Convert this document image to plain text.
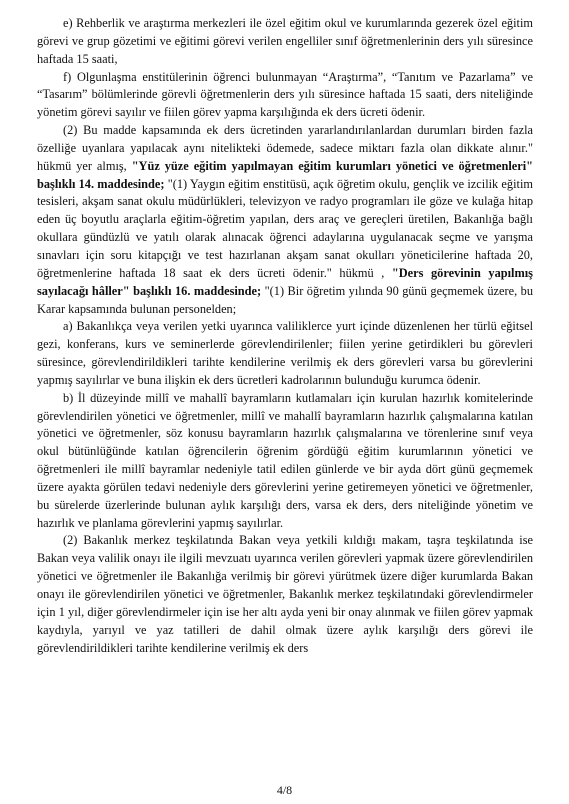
e) Rehberlik ve araştırma merkezleri ile özel eğitim okul ve kurumlarında gezerek özel eğitim görevi ve grup gözetimi ve eğitimi görevi verilen engelliler sınıf öğretmenlerinin ders yılı süresince haftada 15 saati,

f) Olgunlaşma enstitülerinin öğrenci bulunmayan “Araştırma”, “Tanıtım ve Pazarlama” ve “Tasarım” bölümlerinde görevli öğretmenlerin ders yılı süresince haftada 15 saati, ders niteliğinde yönetim görevi sayılır ve fiilen görev yapma karşılığında ek ders ücreti ödenir.

(2) Bu madde kapsamında ek ders ücretinden yararlandırılanlardan durumları birden fazla özelliğe uyanlara yapılacak aynı nitelikteki ödemede, sadece miktarı fazla olan dikkate alınır." hükmü yer almış, "Yüz yüze eğitim yapılmayan eğitim kurumları yönetici ve öğretmenleri" başlıklı 14. maddesinde; "(1) Yaygın eğitim enstitüsü, açık öğretim okulu, gençlik ve izcilik eğitim tesisleri, akşam sanat okulu müdürlükleri, televizyon ve radyo programları ile göze ve kulağa hitap eden üç boyutlu araçlarla eğitim-öğretim yapılan, ders araç ve gereçleri üretilen, Bakanlığa bağlı okullara gündüzlü ve yatılı olarak alınacak öğrenci adaylarına uygulanacak seçme ve yarışma sınavları için soru kitapçığı ve test hazırlanan akşam sanat okulları yöneticilerine haftada 20, öğretmenlerine haftada 18 saat ek ders ücreti ödenir." hükmü , "Ders görevinin yapılmış sayılacağı hâller" başlıklı 16. maddesinde; "(1) Bir öğretim yılında 90 günü geçmemek üzere, bu Karar kapsamında bulunan personelden;

a) Bakanlıkça veya verilen yetki uyarınca valiliklerce yurt içinde düzenlenen her türlü eğitsel gezi, konferans, kurs ve seminerlerde görevlendirilenler; fiilen yerine getirdikleri bu görevleri süresince, görevlendirildikleri tarihte kendilerine verilmiş ek ders görevleri varsa bu görevlerini yapmış sayılırlar ve buna ilişkin ek ders ücretleri kadrolarının bulunduğu kurumca ödenir.

b) İl düzeyinde millî ve mahallî bayramların kutlamaları için kurulan hazırlık komitelerinde görevlendirilen yönetici ve öğretmenler, millî ve mahallî bayramların hazırlık çalışmalarına katılan yönetici ve öğretmenler, söz konusu bayramların hazırlık çalışmalarına ve törenlerine sınıf veya okul bütünlüğünde katılan öğrencilerin öğrenim gördüğü eğitim kurumlarının yönetici ve öğretmenleri ile millî bayramlar nedeniyle tatil edilen günlerde ve bir ayda dört günü geçmemek üzere ayakta görülen tedavi nedeniyle ders görevlerini yerine getiremeyen yönetici ve öğretmenler, bu sürelerde üzerlerinde bulunan aylık karşılığı ders, varsa ek ders, ders niteliğinde yönetim ve hazırlık ve planlama görevlerini yapmış sayılırlar.

(2) Bakanlık merkez teşkilatında Bakan veya yetkili kıldığı makam, taşra teşkilatında ise Bakan veya valilik onayı ile ilgili mevzuatı uyarınca verilen görevleri yapmak üzere görevlendirilen yönetici ve öğretmenler ile Bakanlığa verilmiş bir görevi yürütmek üzere diğer kurumlarda Bakan onayı ile görevlendirilen yönetici ve öğretmenler, Bakanlık merkez teşkilatındaki görevlendirmeler için 1 yıl, diğer görevlendirmeler için ise her altı ayda yeni bir onay alınmak ve fiilen görev yapmak kaydıyla, yarıyıl ve yaz tatilleri de dahil olmak üzere aylık karşılığı ders görevi ile görevlendirildikleri tarihte kendilerine verilmiş ek ders

4/8
